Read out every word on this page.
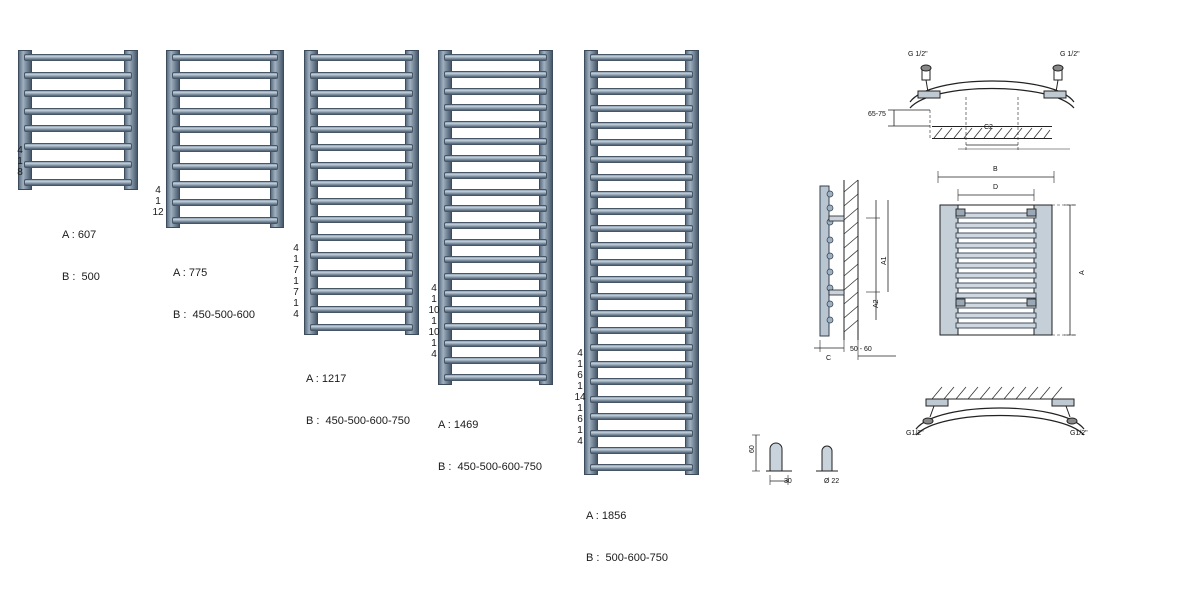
4
1
8

A : 607

B :  500

4
1
12

A : 775

B :  450-500-600

4
1
7
1
7
1
4

A : 1217

B :  450-500-600-750

4
1
10
1
10
1
4

A : 1469

B :  450-500-600-750

4
1
6
1
14
1
6
1
4

A : 1856

B :  500-600-750

G 1/2"	G 1/2"
65-75
C2
C
50 - 60
A1
A2
B
D
A
G1/2"	G1/2"
60
30	Ø 22
